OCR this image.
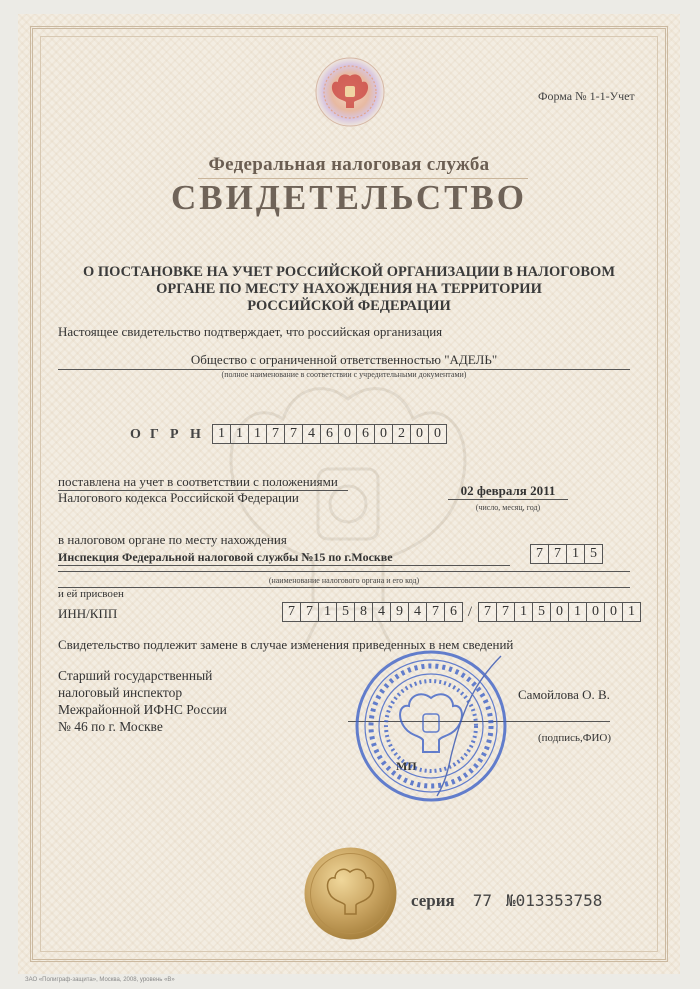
Форма № 1-1-Учет
Федеральная налоговая служба
СВИДЕТЕЛЬСТВО
О ПОСТАНОВКЕ НА УЧЕТ РОССИЙСКОЙ ОРГАНИЗАЦИИ В НАЛОГОВОМ
ОРГАНЕ ПО МЕСТУ НАХОЖДЕНИЯ НА ТЕРРИТОРИИ
РОССИЙСКОЙ ФЕДЕРАЦИИ
Настоящее свидетельство подтверждает, что российская организация
Общество с ограниченной ответственностью "АДЕЛЬ"
(полное наименование в соответствии с учредительными документами)
О Г Р Н	1 1 1 7 7 4 6 0 6 0 2 0 0
поставлена на учет в соответствии с положениями
Налогового кодекса Российской Федерации	02 февраля 2011
(число, месяц, год)
в налоговом органе по месту нахождения
Инспекция Федеральной налоговой службы №15 по г.Москве	7 7 1 5
(наименование налогового органа и его код)
и ей присвоен
ИНН/КПП	7 7 1 5 8 4 9 4 7 6 / 7 7 1 5 0 1 0 0 1
Свидетельство подлежит замене в случае изменения приведенных в нем сведений
Старший государственный
налоговый инспектор
Межрайонной ИФНС России
№ 46 по г. Москве
Самойлова О. В.
(подпись,ФИО)
МП
серия 77 №013353758
ЗАО «Полиграф-защита», Москва, 2008, уровень «В»
